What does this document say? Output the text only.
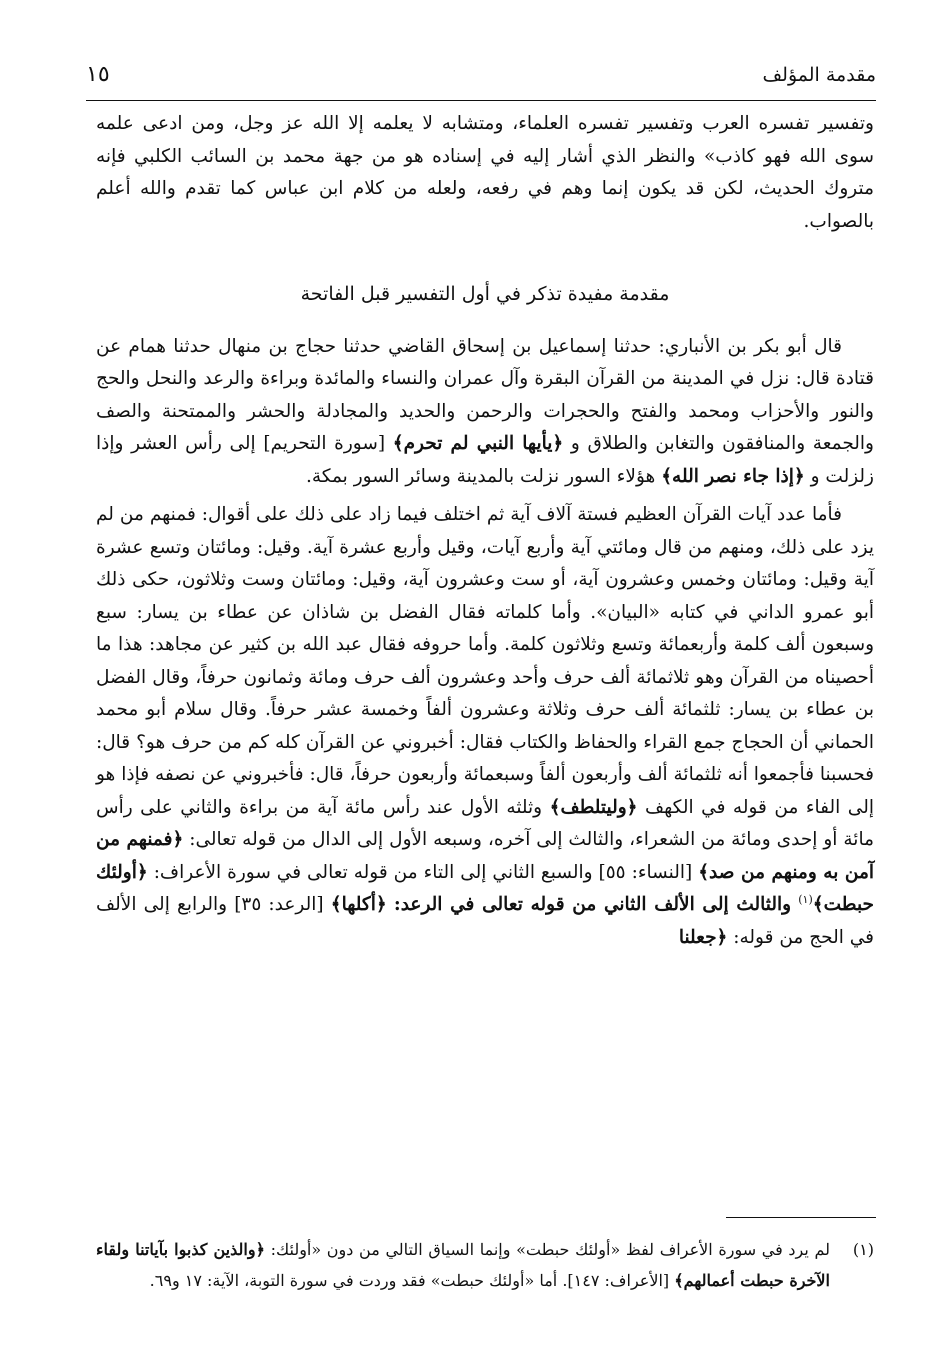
مقدمة المؤلف
١٥

وتفسير تفسره العرب وتفسير تفسره العلماء، ومتشابه لا يعلمه إلا الله عز وجل، ومن ادعى علمه سوى الله فهو كاذب» والنظر الذي أشار إليه في إسناده هو من جهة محمد بن السائب الكلبي فإنه متروك الحديث، لكن قد يكون إنما وهم في رفعه، ولعله من كلام ابن عباس كما تقدم والله أعلم بالصواب.

مقدمة مفيدة تذكر في أول التفسير قبل الفاتحة

قال أبو بكر بن الأنباري: حدثنا إسماعيل بن إسحاق القاضي حدثنا حجاج بن منهال حدثنا همام عن قتادة قال: نزل في المدينة من القرآن البقرة وآل عمران والنساء والمائدة وبراءة والرعد والنحل والحج والنور والأحزاب ومحمد والفتح والحجرات والرحمن والحديد والمجادلة والحشر والممتحنة والصف والجمعة والمنافقون والتغابن والطلاق و ﴿يأيها النبي لم تحرم﴾ [سورة التحريم] إلى رأس العشر وإذا زلزلت و ﴿إذا جاء نصر الله﴾ هؤلاء السور نزلت بالمدينة وسائر السور بمكة.

فأما عدد آيات القرآن العظيم فستة آلاف آية ثم اختلف فيما زاد على ذلك على أقوال: فمنهم من لم يزد على ذلك، ومنهم من قال ومائتي آية وأربع آيات، وقيل وأربع عشرة آية. وقيل: ومائتان وتسع عشرة آية وقيل: ومائتان وخمس وعشرون آية، أو ست وعشرون آية، وقيل: ومائتان وست وثلاثون، حكى ذلك أبو عمرو الداني في كتابه «البيان». وأما كلماته فقال الفضل بن شاذان عن عطاء بن يسار: سبع وسبعون ألف كلمة وأربعمائة وتسع وثلاثون كلمة. وأما حروفه فقال عبد الله بن كثير عن مجاهد: هذا ما أحصيناه من القرآن وهو ثلاثمائة ألف حرف وأحد وعشرون ألف حرف ومائة وثمانون حرفاً، وقال الفضل بن عطاء بن يسار: ثلثمائة ألف حرف وثلاثة وعشرون ألفاً وخمسة عشر حرفاً. وقال سلام أبو محمد الحماني أن الحجاج جمع القراء والحفاظ والكتاب فقال: أخبروني عن القرآن كله كم من حرف هو؟ قال: فحسبنا فأجمعوا أنه ثلثمائة ألف وأربعون ألفاً وسبعمائة وأربعون حرفاً، قال: فأخبروني عن نصفه فإذا هو إلى الفاء من قوله في الكهف ﴿وليتلطف﴾ وثلثه الأول عند رأس مائة آية من براءة والثاني على رأس مائة أو إحدى ومائة من الشعراء، والثالث إلى آخره، وسبعه الأول إلى الدال من قوله تعالى: ﴿فمنهم من آمن به ومنهم من صد﴾ [النساء: ٥٥] والسبع الثاني إلى التاء من قوله تعالى في سورة الأعراف: ﴿أولئك حبطت﴾$^{(١)}$ والثالث إلى الألف الثاني من قوله تعالى في الرعد: ﴿أكلها﴾ [الرعد: ٣٥] والرابع إلى الألف في الحج من قوله: ﴿جعلنا

(١)
لم يرد في سورة الأعراف لفظ «أولئك حبطت» وإنما السياق التالي من دون «أولئك: ﴿والذين كذبوا بآياتنا ولقاء الآخرة حبطت أعمالهم﴾ [الأعراف: ١٤٧]. أما «أولئك حبطت» فقد وردت في سورة التوبة، الآية: ١٧ و٦٩.
